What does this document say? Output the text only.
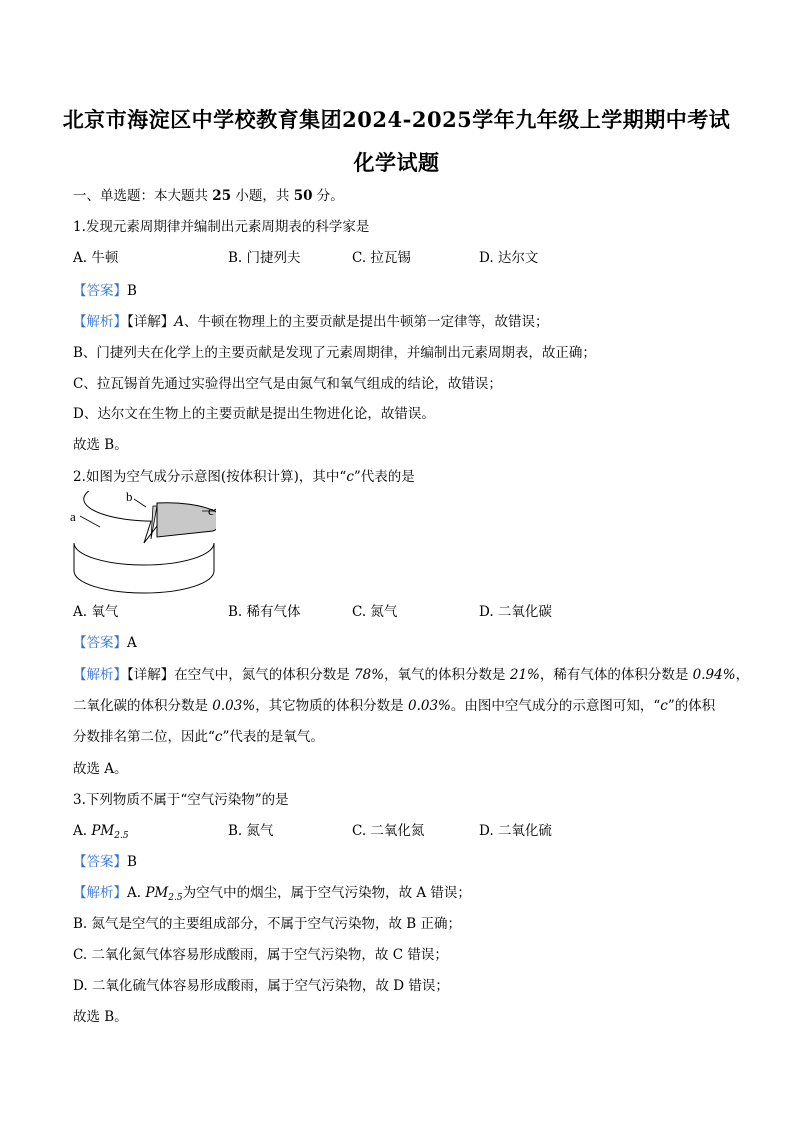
北京市海淀区中学校教育集团2024-2025学年九年级上学期期中考试
化学试题
一、单选题：本大题共 25 小题，共 50 分。
1.发现元素周期律并编制出元素周期表的科学家是
A. 牛顿	B. 门捷列夫	C. 拉瓦锡	D. 达尔文
【答案】B
【解析】【详解】A、牛顿在物理上的主要贡献是提出牛顿第一定律等，故错误；
B、门捷列夫在化学上的主要贡献是发现了元素周期律，并编制出元素周期表，故正确；
C、拉瓦锡首先通过实验得出空气是由氮气和氧气组成的结论，故错误；
D、达尔文在生物上的主要贡献是提出生物进化论，故错误。
故选 B。
2.如图为空气成分示意图(按体积计算)，其中“c”代表的是
a
b
c
A. 氧气	B. 稀有气体	C. 氮气	D. 二氧化碳
【答案】A
【解析】【详解】在空气中，氮气的体积分数是 78%，氧气的体积分数是 21%，稀有气体的体积分数是 0.94%，
二氧化碳的体积分数是 0.03%，其它物质的体积分数是 0.03%。由图中空气成分的示意图可知，“c”的体积
分数排名第二位，因此“c”代表的是氧气。
故选 A。
3.下列物质不属于“空气污染物”的是
A. $PM_{2.5}$	B. 氮气	C. 二氧化氮	D. 二氧化硫
【答案】B
【解析】A. $PM_{2.5}$为空气中的烟尘，属于空气污染物，故 A 错误；
B. 氮气是空气的主要组成部分，不属于空气污染物，故 B 正确；
C. 二氧化氮气体容易形成酸雨，属于空气污染物，故 C 错误；
D. 二氧化硫气体容易形成酸雨，属于空气污染物，故 D 错误；
故选 B。
